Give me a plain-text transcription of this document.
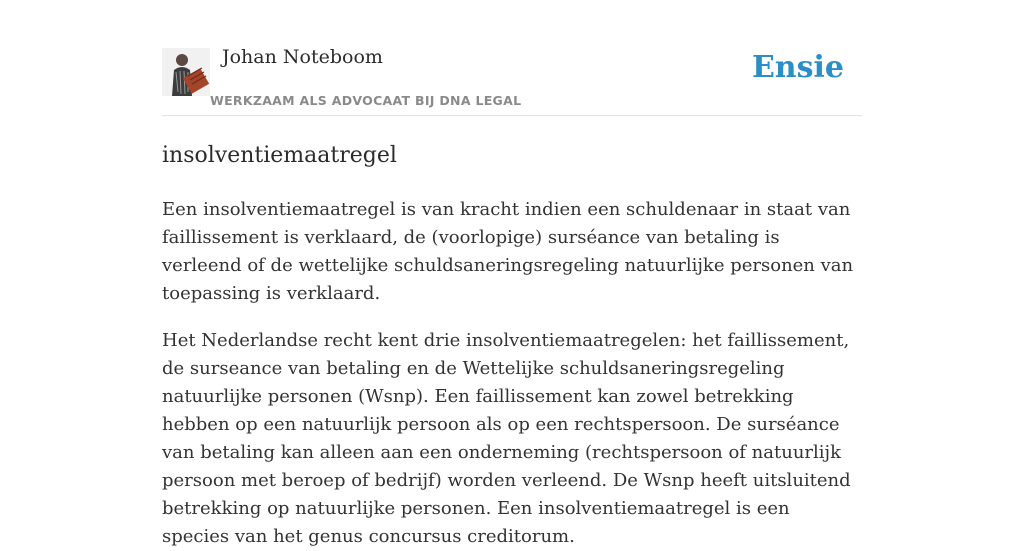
Johan Noteboom
WERKZAAM ALS ADVOCAAT BIJ DNA LEGAL
Ensie
insolventiemaatregel

Een insolventiemaatregel is van kracht indien een schuldenaar in staat van faillissement is verklaard, de (voorlopige) surséance van betaling is verleend of de wettelijke schuldsaneringsregeling natuurlijke personen van toepassing is verklaard.

Het Nederlandse recht kent drie insolventiemaatregelen: het faillissement, de surseance van betaling en de Wettelijke schuldsaneringsregeling natuurlijke personen (Wsnp). Een faillissement kan zowel betrekking hebben op een natuurlijk persoon als op een rechtspersoon. De surséance van betaling kan alleen aan een onderneming (rechtspersoon of natuurlijk persoon met beroep of bedrijf) worden verleend. De Wsnp heeft uitsluitend betrekking op natuurlijke personen. Een insolventiemaatregel is een species van het genus concursus creditorum.
